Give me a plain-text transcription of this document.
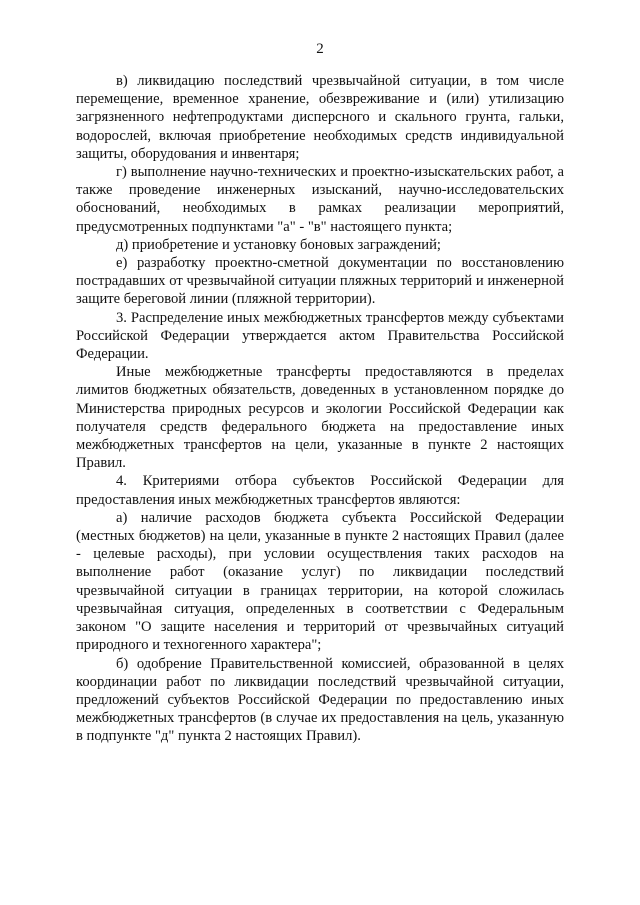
2

в) ликвидацию последствий чрезвычайной ситуации, в том числе перемещение, временное хранение, обезвреживание и (или) утилизацию загрязненного нефтепродуктами дисперсного и скального грунта, гальки, водорослей, включая приобретение необходимых средств индивидуальной защиты, оборудования и инвентаря;

г) выполнение научно-технических и проектно-изыскательских работ, а также проведение инженерных изысканий, научно-исследовательских обоснований, необходимых в рамках реализации мероприятий, предусмотренных подпунктами "а" - "в" настоящего пункта;

д) приобретение и установку боновых заграждений;

е) разработку проектно-сметной документации по восстановлению пострадавших от чрезвычайной ситуации пляжных территорий и инженерной защите береговой линии (пляжной территории).

3. Распределение иных межбюджетных трансфертов между субъектами Российской Федерации утверждается актом Правительства Российской Федерации.

Иные межбюджетные трансферты предоставляются в пределах лимитов бюджетных обязательств, доведенных в установленном порядке до Министерства природных ресурсов и экологии Российской Федерации как получателя средств федерального бюджета на предоставление иных межбюджетных трансфертов на цели, указанные в пункте 2 настоящих Правил.

4. Критериями отбора субъектов Российской Федерации для предоставления иных межбюджетных трансфертов являются:

а) наличие расходов бюджета субъекта Российской Федерации (местных бюджетов) на цели, указанные в пункте 2 настоящих Правил (далее - целевые расходы), при условии осуществления таких расходов на выполнение работ (оказание услуг) по ликвидации последствий чрезвычайной ситуации в границах территории, на которой сложилась чрезвычайная ситуация, определенных в соответствии с Федеральным законом "О защите населения и территорий от чрезвычайных ситуаций природного и техногенного характера";

б) одобрение Правительственной комиссией, образованной в целях координации работ по ликвидации последствий чрезвычайной ситуации, предложений субъектов Российской Федерации по предоставлению иных межбюджетных трансфертов (в случае их предоставления на цель, указанную в подпункте "д" пункта 2 настоящих Правил).
